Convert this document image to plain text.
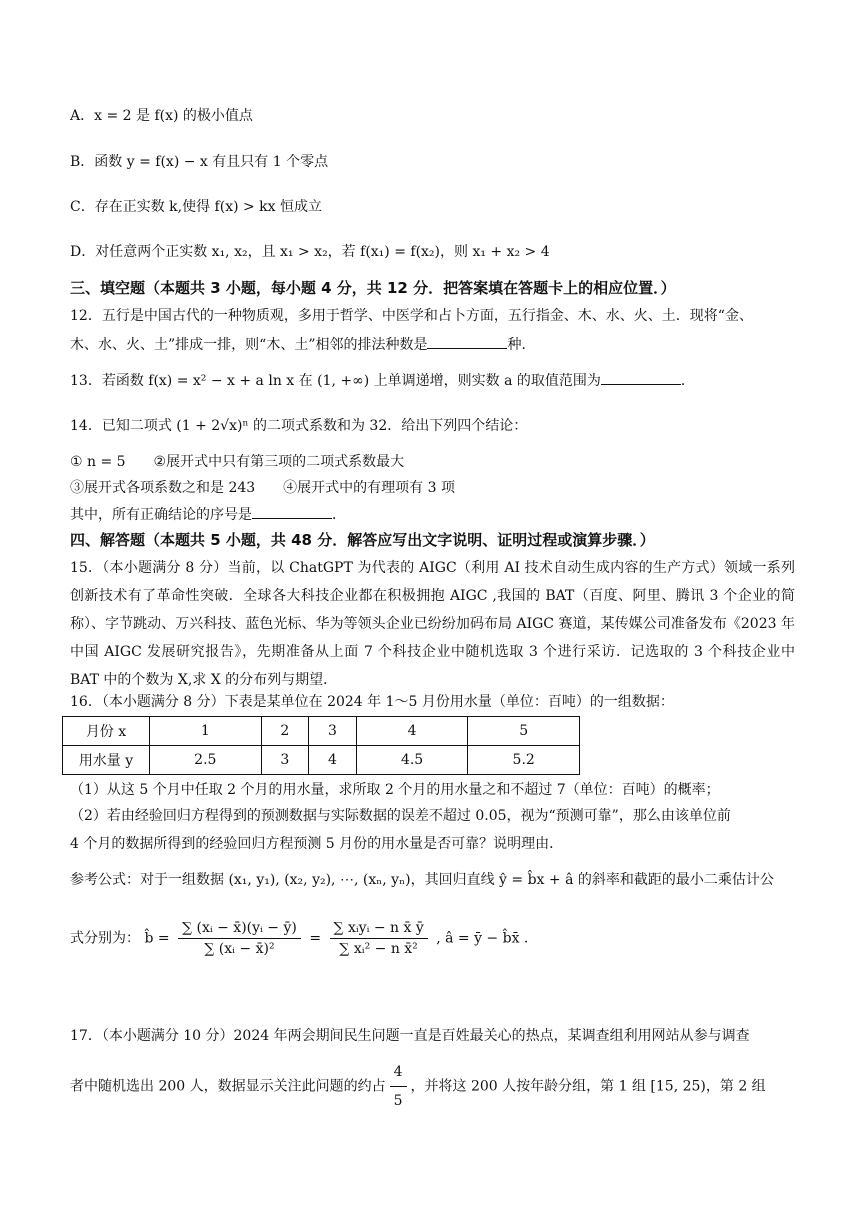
A．x = 2 是 f(x) 的极小值点
B．函数 y = f(x) − x 有且只有 1 个零点
C．存在正实数 k,使得 f(x) > kx 恒成立
D．对任意两个正实数 x₁, x₂，且 x₁ > x₂，若 f(x₁) = f(x₂)，则 x₁ + x₂ > 4
三、填空题（本题共 3 小题，每小题 4 分，共 12 分．把答案填在答题卡上的相应位置．）
12．五行是中国古代的一种物质观，多用于哲学、中医学和占卜方面，五行指金、木、水、火、土．现将“金、
木、水、火、土”排成一排，则“木、土”相邻的排法种数是	种．
13．若函数 f(x) = x² − x + a ln x 在 (1, +∞) 上单调递增，则实数 a 的取值范围为	．
14．已知二项式 (1 + 2√x)ⁿ 的二项式系数和为 32．给出下列四个结论：
① n = 5　　②展开式中只有第三项的二项式系数最大
③展开式各项系数之和是 243　　④展开式中的有理项有 3 项
其中，所有正确结论的序号是	．
四、解答题（本题共 5 小题，共 48 分．解答应写出文字说明、证明过程或演算步骤．）
15．（本小题满分 8 分）当前，以 ChatGPT 为代表的 AIGC（利用 AI 技术自动生成内容的生产方式）领域一系列创新技术有了革命性突破．全球各大科技企业都在积极拥抱 AIGC ,我国的 BAT（百度、阿里、腾讯 3 个企业的简称）、字节跳动、万兴科技、蓝色光标、华为等领头企业已纷纷加码布局 AIGC 赛道，某传媒公司准备发布《2023 年中国 AIGC 发展研究报告》，先期准备从上面 7 个科技企业中随机选取 3 个进行采访．记选取的 3 个科技企业中 BAT 中的个数为 X,求 X 的分布列与期望．
16．（本小题满分 8 分）下表是某单位在 2024 年 1～5 月份用水量（单位：百吨）的一组数据：
月份 x	1	2	3	4	5
用水量 y	2.5	3	4	4.5	5.2
（1）从这 5 个月中任取 2 个月的用水量，求所取 2 个月的用水量之和不超过 7（单位：百吨）的概率；
（2）若由经验回归方程得到的预测数据与实际数据的误差不超过 0.05，视为“预测可靠”，那么由该单位前
4 个月的数据所得到的经验回归方程预测 5 月份的用水量是否可靠？说明理由．
参考公式：对于一组数据 (x₁, y₁), (x₂, y₂), ⋯, (xₙ, yₙ)，其回归直线 ŷ = b̂x + â 的斜率和截距的最小二乘估计公
式分别为： b̂ = $\frac{\text{∑ (xᵢ − x̄)(yᵢ − ȳ)}}{\text{∑ (xᵢ − x̄)²}} = \frac{\text{∑ xᵢyᵢ − n x̄ ȳ}}{\text{∑ xᵢ² − n x̄²}}$ , â = ȳ − b̂x̄ .
17．（本小题满分 10 分）2024 年两会期间民生问题一直是百姓最关心的热点，某调查组利用网站从参与调查
者中随机选出 200 人，数据显示关注此问题的约占 $\frac{4}{5}$ ，并将这 200 人按年龄分组，第 1 组 [15, 25)，第 2 组
